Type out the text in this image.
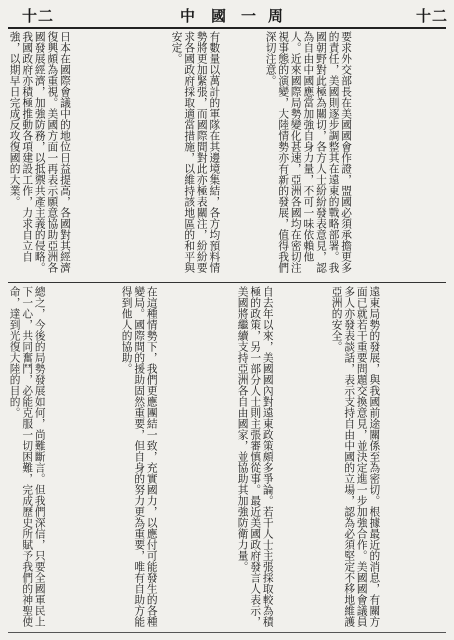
十二	中 國 一 周
要求外交部長在美國國會作證，盟國必須承擔更多的責任，美國則逐步調整其在遠東的戰略部署。我國朝野對此極為關切，各方人士紛紛發表意見，認為自由中國應當加強自身力量，不可一味依賴他人。近來國際局勢變化甚速，亞洲各國均在密切注視事態的演變，大陸情勢亦有新的發展，值得我們深切注意。
有數量以萬計的軍隊在其邊境集結，各方均預料情勢將更加緊張，而國際間對此亦極表關注，紛紛要求各國政府採取適當措施，以維持該地區的和平與安定。
日本在國際會議中的地位日益提高，各國對其經濟復興頗為重視。美國方面一再表示願意協助亞洲各國發展經濟，加強防務，以抵禦共產主義的侵略。我國政府亦積極推動各項建設工作，力求自立自強，以期早日完成反攻復國的大業。
遠東局勢的發展，與我國前途關係至為密切。根據最近的消息，有關方面已就若干重要問題交換意見，並決定進一步加強合作。美國國會議員多人亦發表談話，表示支持自由中國的立場，認為必須堅定不移地維護亞洲的安全。
自去年以來，美國國內對遠東政策頗多爭論。若干人士主張採取較為積極的政策，另一部分人士則主張審慎從事。最近美國政府發言人表示，美國將繼續支持亞洲各自由國家，並協助其加強防衛力量。
在這種情勢下，我們更應團結一致，充實國力，以應付可能發生的各種變局。國際間的援助固然重要，但自身的努力更為重要，唯有自助方能得到他人的協助。
總之，今後的局勢發展如何，尚難斷言。但我們深信，只要全國軍民上下一心，共同奮鬥，必能克服一切困難，完成歷史所賦予我們的神聖使命，達到光復大陸的目的。
十二
